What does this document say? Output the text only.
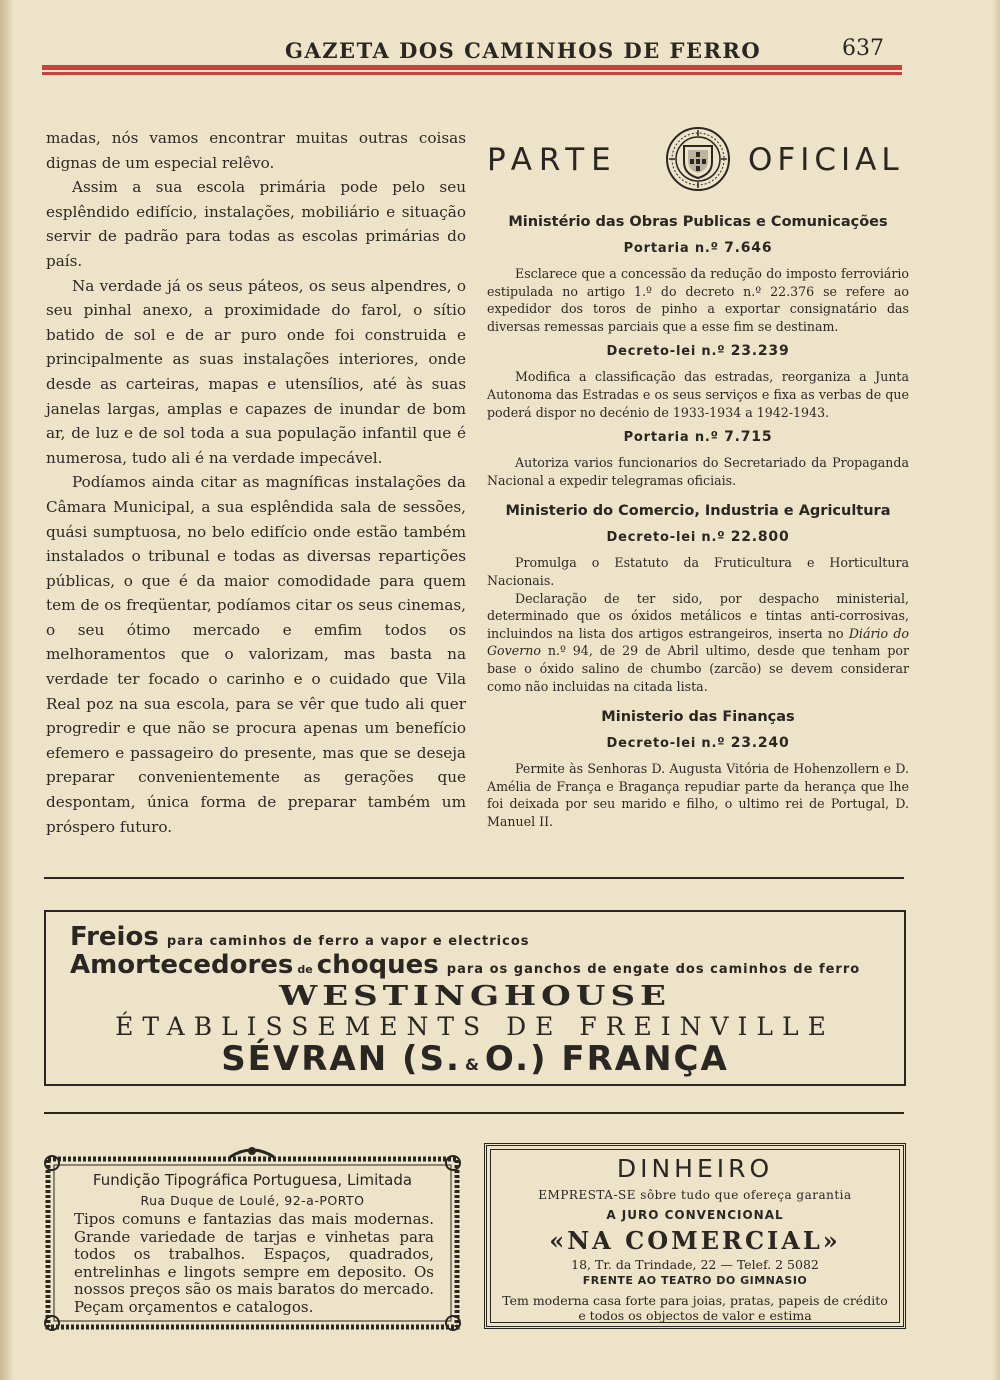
GAZETA DOS CAMINHOS DE FERRO	637

madas, nós vamos encontrar muitas outras coisas dignas de um especial relêvo.

Assim a sua escola primária pode pelo seu esplêndido edifício, instalações, mobiliário e situação servir de padrão para todas as escolas primárias do país.

Na verdade já os seus páteos, os seus alpendres, o seu pinhal anexo, a proximidade do farol, o sítio batido de sol e de ar puro onde foi construida e principalmente as suas instalações interiores, onde desde as carteiras, mapas e utensílios, até às suas janelas largas, amplas e capazes de inundar de bom ar, de luz e de sol toda a sua população infantil que é numerosa, tudo ali é na verdade impecável.

Podíamos ainda citar as magníficas instalações da Câmara Municipal, a sua esplêndida sala de sessões, quási sumptuosa, no belo edifício onde estão também instalados o tribunal e todas as diversas repartições públicas, o que é da maior comodidade para quem tem de os freqüentar, podíamos citar os seus cinemas, o seu ótimo mercado e emfim todos os melhoramentos que o valorizam, mas basta na verdade ter focado o carinho e o cuidado que Vila Real poz na sua escola, para se vêr que tudo ali quer progredir e que não se procura apenas um benefício efemero e passageiro do presente, mas que se deseja preparar convenientemente as gerações que despontam, única forma de preparar também um próspero futuro.

PARTE	OFICIAL
Ministério das Obras Publicas e Comunicações
Portaria n.º 7.646

Esclarece que a concessão da redução do imposto ferroviário estipulada no artigo 1.º do decreto n.º 22.376 se refere ao expedidor dos toros de pinho a exportar consignatário das diversas remessas parciais que a esse fim se destinam.

Decreto-lei n.º 23.239

Modifica a classificação das estradas, reorganiza a Junta Autonoma das Estradas e os seus serviços e fixa as verbas de que poderá dispor no decénio de 1933-1934 a 1942-1943.

Portaria n.º 7.715

Autoriza varios funcionarios do Secretariado da Propaganda Nacional a expedir telegramas oficiais.

Ministerio do Comercio, Industria e Agricultura
Decreto-lei n.º 22.800

Promulga o Estatuto da Fruticultura e Horticultura Nacionais.

Declaração de ter sido, por despacho ministerial, determinado que os óxidos metálicos e tintas anti-corrosivas, incluindos na lista dos artigos estrangeiros, inserta no Diário do Governo n.º 94, de 29 de Abril ultimo, desde que tenham por base o óxido salino de chumbo (zarcão) se devem considerar como não incluidas na citada lista.

Ministerio das Finanças
Decreto-lei n.º 23.240

Permite às Senhoras D. Augusta Vitória de Hohenzollern e D. Amélia de França e Bragança repudiar parte da herança que lhe foi deixada por seu marido e filho, o ultimo rei de Portugal, D. Manuel II.

Freios para caminhos de ferro a vapor e electricos
Amortecedores de choques para os ganchos de engate dos caminhos de ferro
WESTINGHOUSE
ÉTABLISSEMENTS DE FREINVILLE
SÉVRAN (S. & O.) FRANÇA
Fundição Tipográfica Portuguesa, Limitada
Rua Duque de Loulé, 92-a-PORTO
Tipos comuns e fantazias das mais modernas. Grande variedade de tarjas e vinhetas para todos os trabalhos. Espaços, quadrados, entrelinhas e lingots sempre em deposito. Os nossos preços são os mais baratos do mercado. Peçam orçamentos e catalogos.
DINHEIRO
EMPRESTA-SE sôbre tudo que ofereça garantia
A JURO CONVENCIONAL
«NA COMERCIAL»
18, Tr. da Trindade, 22 — Telef. 2 5082
FRENTE AO TEATRO DO GIMNASIO
Tem moderna casa forte para joias, pratas, papeis de crédito e todos os objectos de valor e estima
